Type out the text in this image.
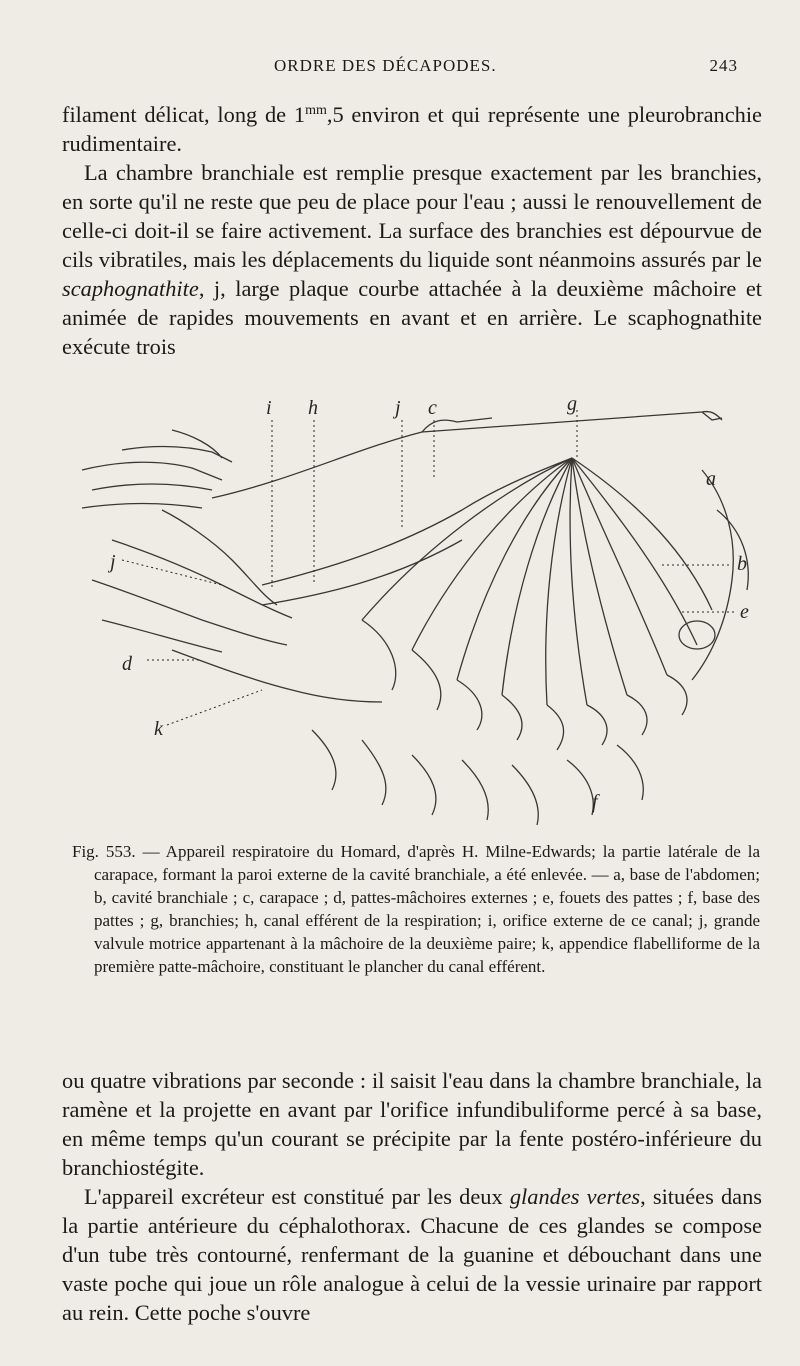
ORDRE DES DÉCAPODES.	243

filament délicat, long de $1^{mm},5$ environ et qui représente une pleurobranchie rudimentaire.

La chambre branchiale est remplie presque exactement par les branchies, en sorte qu'il ne reste que peu de place pour l'eau ; aussi le renouvellement de celle-ci doit-il se faire activement. La surface des branchies est dépourvue de cils vibratiles, mais les déplacements du liquide sont néanmoins assurés par le scaphognathite, j, large plaque courbe attachée à la deuxième mâchoire et animée de rapides mouvements en avant et en arrière. Le scaphognathite exécute trois

i h	j c	g
a
b
e
j
d
k
f

Fig. 553. — Appareil respiratoire du Homard, d'après H. Milne-Edwards; la partie latérale de la carapace, formant la paroi externe de la cavité branchiale, a été enlevée. — a, base de l'abdomen; b, cavité branchiale ; c, carapace ; d, pattes-mâchoires externes ; e, fouets des pattes ; f, base des pattes ; g, branchies; h, canal efférent de la respiration; i, orifice externe de ce canal; j, grande valvule motrice appartenant à la mâchoire de la deuxième paire; k, appendice flabelliforme de la première patte-mâchoire, constituant le plancher du canal efférent.

ou quatre vibrations par seconde : il saisit l'eau dans la chambre branchiale, la ramène et la projette en avant par l'orifice infundibuliforme percé à sa base, en même temps qu'un courant se précipite par la fente postéro-inférieure du branchiostégite.

L'appareil excréteur est constitué par les deux glandes vertes, situées dans la partie antérieure du céphalothorax. Chacune de ces glandes se compose d'un tube très contourné, renfermant de la guanine et débouchant dans une vaste poche qui joue un rôle analogue à celui de la vessie urinaire par rapport au rein. Cette poche s'ouvre
